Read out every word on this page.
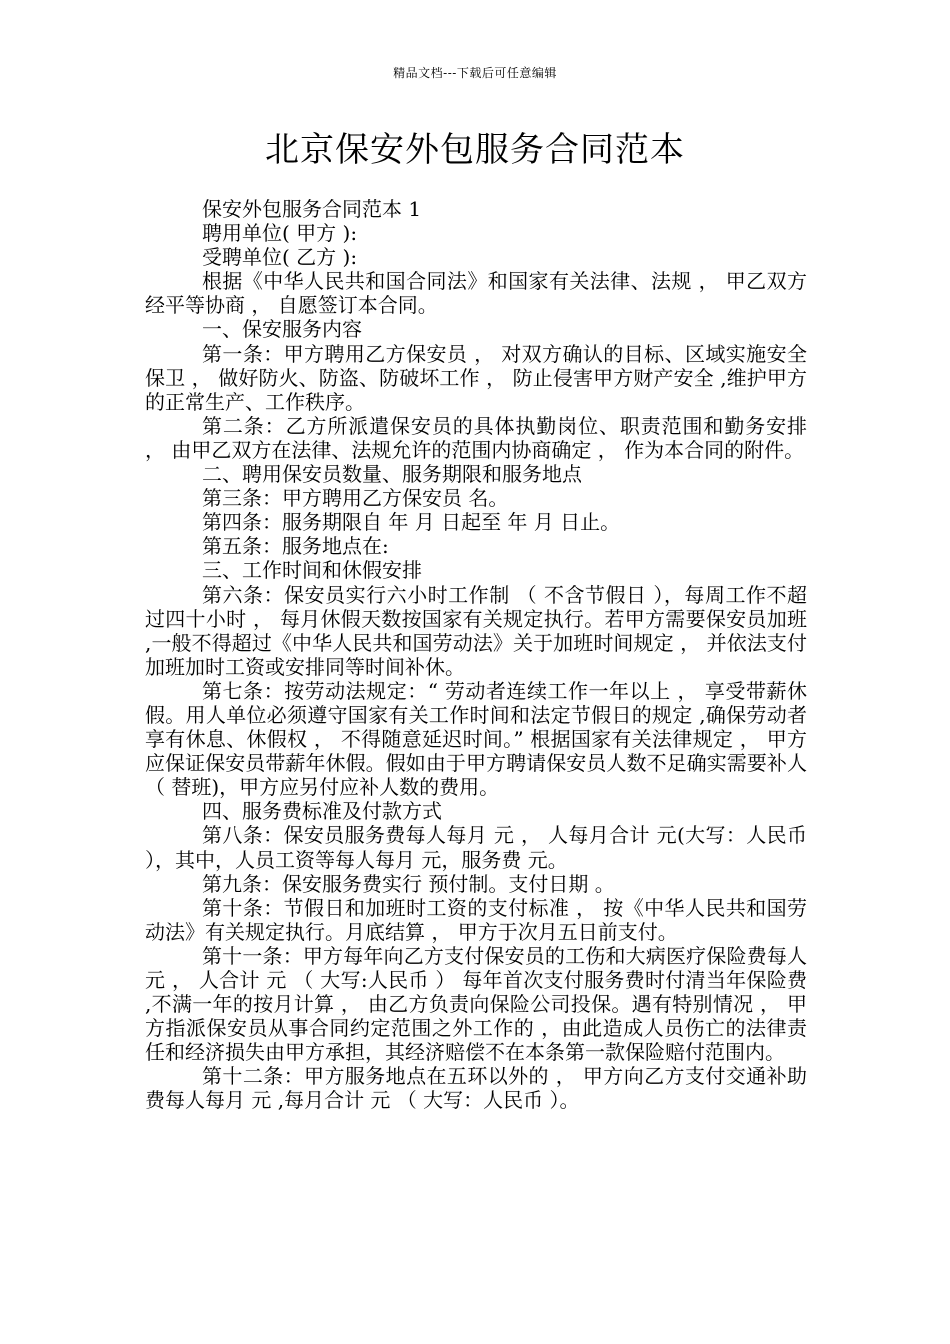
精品文档---下载后可任意编辑
北京保安外包服务合同范本

保安外包服务合同范本 1

聘用单位( 甲方 ):

受聘单位( 乙方 ):

根据《中华人民共和国合同法》和国家有关法律、法规 ， 甲乙双方经平等协商 ， 自愿签订本合同。

一、保安服务内容

第一条：甲方聘用乙方保安员 ， 对双方确认的目标、区域实施安全保卫 ， 做好防火、防盗、防破坏工作 ， 防止侵害甲方财产安全 ,维护甲方的正常生产、工作秩序。

第二条：乙方所派遣保安员的具体执勤岗位、职责范围和勤务安排 ， 由甲乙双方在法律、法规允许的范围内协商确定 ， 作为本合同的附件。

二、聘用保安员数量、服务期限和服务地点

第三条：甲方聘用乙方保安员 名。

第四条：服务期限自 年 月 日起至 年 月 日止。

第五条：服务地点在:

三、工作时间和休假安排

第六条：保安员实行六小时工作制 （ 不含节假日 ），每周工作不超过四十小时 ， 每月休假天数按国家有关规定执行。若甲方需要保安员加班 ,一般不得超过《中华人民共和国劳动法》关于加班时间规定 ， 并依法支付加班加时工资或安排同等时间补休。

第七条：按劳动法规定：“ 劳动者连续工作一年以上 ， 享受带薪休假。用人单位必须遵守国家有关工作时间和法定节假日的规定 ,确保劳动者享有休息、休假权 ， 不得随意延迟时间。” 根据国家有关法律规定 ， 甲方应保证保安员带薪年休假。假如由于甲方聘请保安员人数不足确实需要补人 （ 替班)，甲方应另付应补人数的费用。

四、服务费标准及付款方式

第八条：保安员服务费每人每月 元 ， 人每月合计 元(大写：人民币 ），其中，人员工资等每人每月 元，服务费 元。

第九条：保安服务费实行 预付制。支付日期 。

第十条：节假日和加班时工资的支付标准 ， 按《中华人民共和国劳动法》有关规定执行。月底结算 ， 甲方于次月五日前支付。

第十一条：甲方每年向乙方支付保安员的工伤和大病医疗保险费每人 元 ， 人合计 元 （ 大写:人民币 ） 每年首次支付服务费时付清当年保险费 ,不满一年的按月计算 ， 由乙方负责向保险公司投保。遇有特别情况 ， 甲方指派保安员从事合同约定范围之外工作的 ，由此造成人员伤亡的法律责任和经济损失由甲方承担，其经济赔偿不在本条第一款保险赔付范围内。

第十二条：甲方服务地点在五环以外的 ， 甲方向乙方支付交通补助费每人每月 元 ,每月合计 元 （ 大写：人民币 ）。
